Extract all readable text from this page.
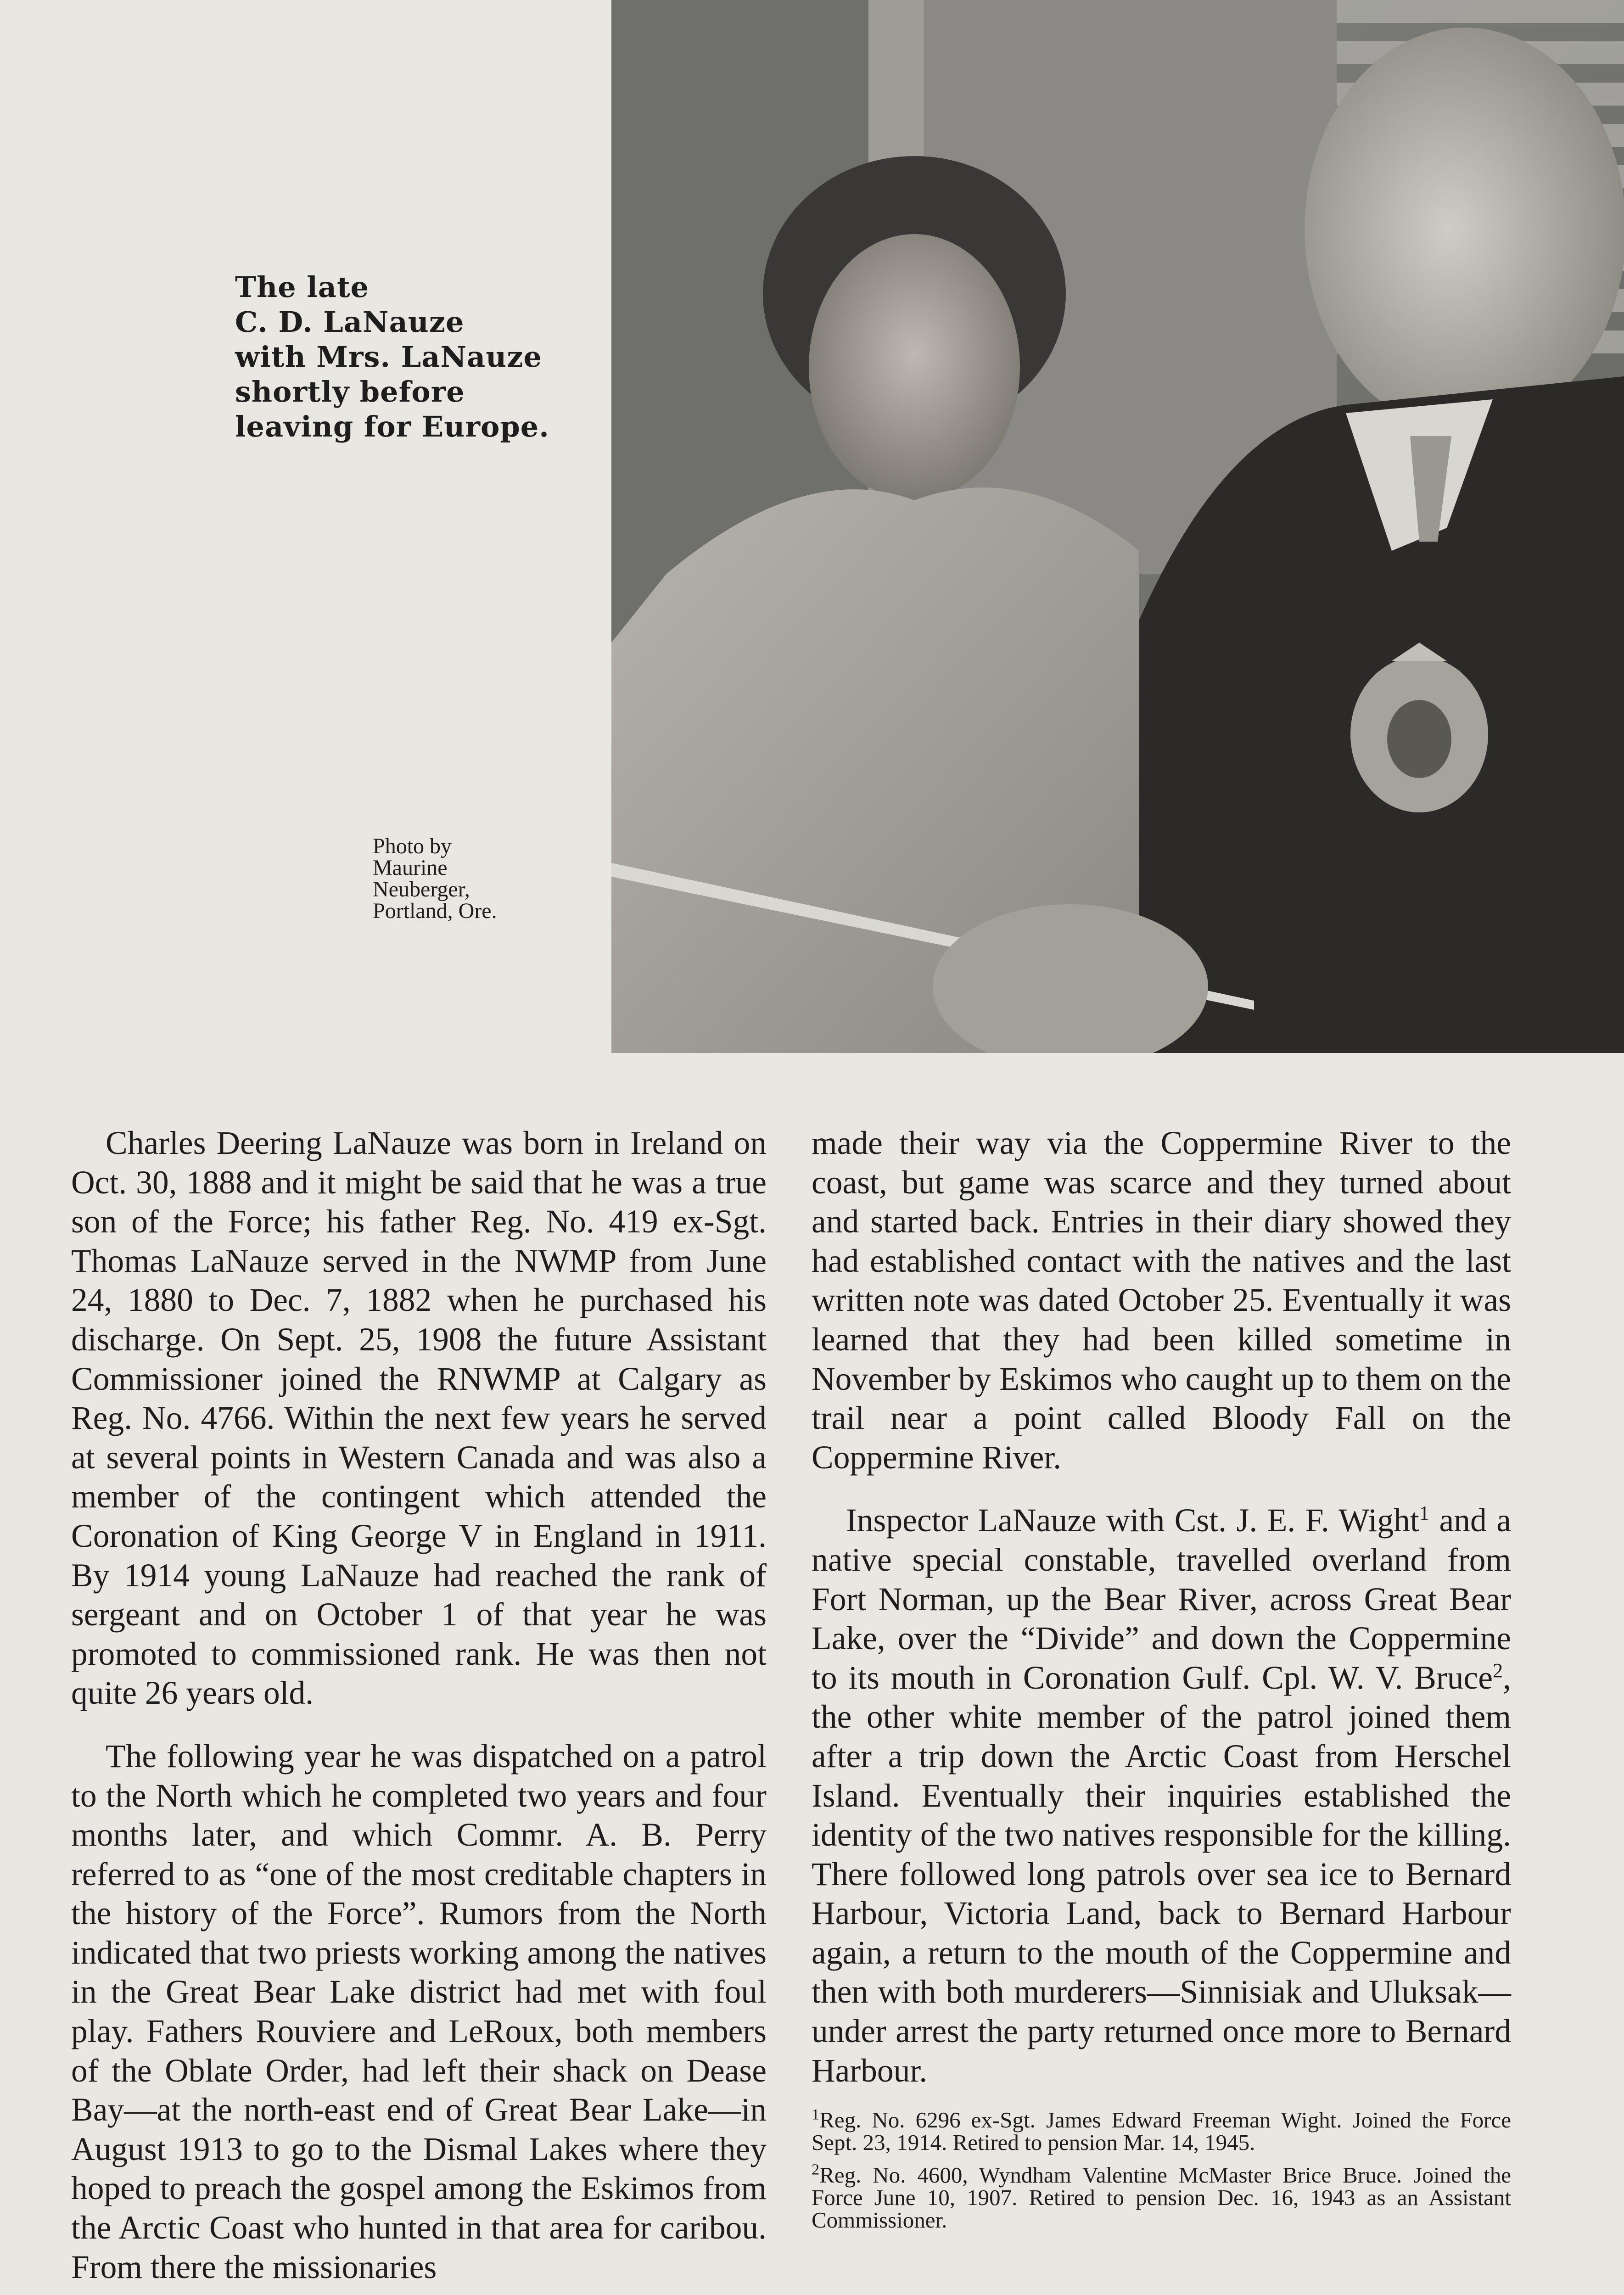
The late
C. D. LaNauze
with Mrs. LaNauze
shortly before
leaving for Europe.
Photo by
Maurine
Neuberger,
Portland, Ore.

Charles Deering LaNauze was born in Ireland on Oct. 30, 1888 and it might be said that he was a true son of the Force; his father Reg. No. 419 ex-Sgt. Thomas LaNauze served in the NWMP from June 24, 1880 to Dec. 7, 1882 when he purchased his discharge. On Sept. 25, 1908 the future Assistant Commissioner joined the RNWMP at Calgary as Reg. No. 4766. Within the next few years he served at several points in Western Canada and was also a member of the contingent which attended the Coronation of King George V in England in 1911. By 1914 young LaNauze had reached the rank of sergeant and on October 1 of that year he was promoted to commissioned rank. He was then not quite 26 years old.

The following year he was dispatched on a patrol to the North which he completed two years and four months later, and which Commr. A. B. Perry referred to as “one of the most creditable chapters in the history of the Force”. Rumors from the North indicated that two priests working among the natives in the Great Bear Lake district had met with foul play. Fathers Rouviere and LeRoux, both members of the Oblate Order, had left their shack on Dease Bay—at the north-east end of Great Bear Lake—in August 1913 to go to the Dismal Lakes where they hoped to preach the gospel among the Eskimos from the Arctic Coast who hunted in that area for caribou. From there the missionaries

made their way via the Coppermine River to the coast, but game was scarce and they turned about and started back. Entries in their diary showed they had established contact with the natives and the last written note was dated October 25. Eventually it was learned that they had been killed sometime in November by Eskimos who caught up to them on the trail near a point called Bloody Fall on the Coppermine River.

Inspector LaNauze with Cst. J. E. F. Wight$^1$ and a native special constable, travelled overland from Fort Norman, up the Bear River, across Great Bear Lake, over the “Divide” and down the Coppermine to its mouth in Coronation Gulf. Cpl. W. V. Bruce$^2$, the other white member of the patrol joined them after a trip down the Arctic Coast from Herschel Island. Eventually their inquiries established the identity of the two natives responsible for the killing. There followed long patrols over sea ice to Bernard Harbour, Victoria Land, back to Bernard Harbour again, a return to the mouth of the Coppermine and then with both murderers—Sinnisiak and Uluksak—under arrest the party returned once more to Bernard Harbour.

$^1$Reg. No. 6296 ex-Sgt. James Edward Freeman Wight. Joined the Force Sept. 23, 1914. Retired to pension Mar. 14, 1945.

$^2$Reg. No. 4600, Wyndham Valentine McMaster Brice Bruce. Joined the Force June 10, 1907. Retired to pension Dec. 16, 1943 as an Assistant Commissioner.
